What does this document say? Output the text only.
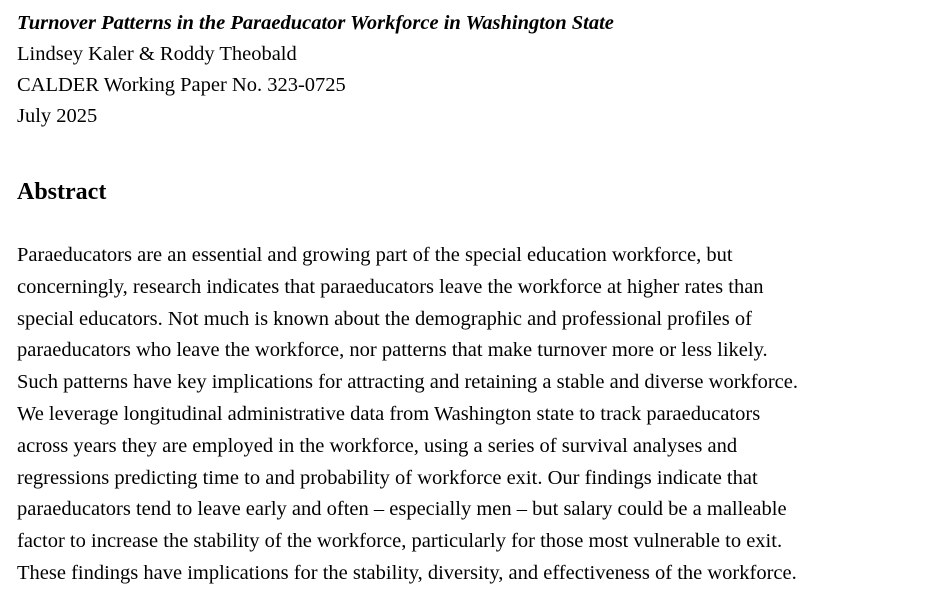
Turnover Patterns in the Paraeducator Workforce in Washington State

Lindsey Kaler & Roddy Theobald

CALDER Working Paper No. 323-0725

July 2025

Abstract

Paraeducators are an essential and growing part of the special education workforce, but

concerningly, research indicates that paraeducators leave the workforce at higher rates than

special educators. Not much is known about the demographic and professional profiles of

paraeducators who leave the workforce, nor patterns that make turnover more or less likely.

Such patterns have key implications for attracting and retaining a stable and diverse workforce.

We leverage longitudinal administrative data from Washington state to track paraeducators

across years they are employed in the workforce, using a series of survival analyses and

regressions predicting time to and probability of workforce exit. Our findings indicate that

paraeducators tend to leave early and often – especially men – but salary could be a malleable

factor to increase the stability of the workforce, particularly for those most vulnerable to exit.

These findings have implications for the stability, diversity, and effectiveness of the workforce.
